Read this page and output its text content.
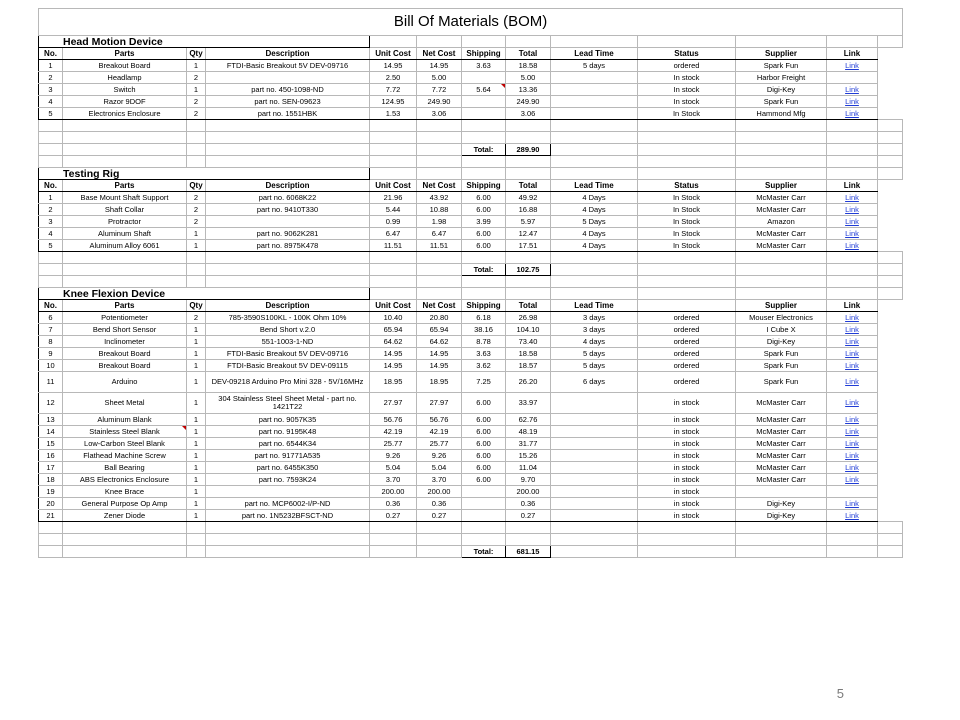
Bill Of Materials (BOM)												
Head Motion Device												
No.	Parts	Qty	Description	Unit Cost	Net Cost	Shipping	Total	Lead Time	Status	Supplier	Link	
1	Breakout Board	1	FTDI-Basic Breakout 5V DEV-09716	14.95	14.95	3.63	18.58	5 days	ordered	Spark Fun	Link	
2	Headlamp	2		2.50	5.00		5.00		In stock	Harbor Freight		
3	Switch	1	part no. 450-1098-ND	7.72	7.72	5.64	13.36		In stock	Digi-Key	Link	
4	Razor 9DOF	2	part no. SEN-09623	124.95	249.90		249.90		In stock	Spark Fun	Link	
5	Electronics Enclosure	2	part no. 1551HBK	1.53	3.06		3.06		In Stock	Hammond Mfg	Link	

						Total:	289.90					

Testing Rig												
No.	Parts	Qty	Description	Unit Cost	Net Cost	Shipping	Total	Lead Time	Status	Supplier	Link	
1	Base Mount Shaft Support	2	part no. 6068K22	21.96	43.92	6.00	49.92	4 Days	In Stock	McMaster Carr	Link	
2	Shaft Collar	2	part no. 9410T330	5.44	10.88	6.00	16.88	4 Days	In Stock	McMaster Carr	Link	
3	Protractor	2		0.99	1.98	3.99	5.97	5 Days	In Stock	Amazon	Link	
4	Aluminum Shaft	1	part no. 9062K281	6.47	6.47	6.00	12.47	4 Days	In Stock	McMaster Carr	Link	
5	Aluminum Alloy 6061	1	part no. 8975K478	11.51	11.51	6.00	17.51	4 Days	In Stock	McMaster Carr	Link	

						Total:	102.75					

Knee Flexion Device												
No.	Parts	Qty	Description	Unit Cost	Net Cost	Shipping	Total	Lead Time		Supplier	Link	
6	Potentiometer	2	785-3590S100KL - 100K Ohm 10%	10.40	20.80	6.18	26.98	3 days	ordered	Mouser Electronics	Link	
7	Bend Short Sensor	1	Bend Short v.2.0	65.94	65.94	38.16	104.10	3 days	ordered	I Cube X	Link	
8	Inclinometer	1	551-1003-1-ND	64.62	64.62	8.78	73.40	4 days	ordered	Digi-Key	Link	
9	Breakout Board	1	FTDI-Basic Breakout 5V DEV-09716	14.95	14.95	3.63	18.58	5 days	ordered	Spark Fun	Link	
10	Breakout Board	1	FTDI-Basic Breakout 5V DEV-09115	14.95	14.95	3.62	18.57	5 days	ordered	Spark Fun	Link	
11	Arduino	1	DEV-09218 Arduino Pro Mini 328 - 5V/16MHz	18.95	18.95	7.25	26.20	6 days	ordered	Spark Fun	Link	
12	Sheet Metal	1	304 Stainless Steel Sheet Metal - part no. 1421T22	27.97	27.97	6.00	33.97		in stock	McMaster Carr	Link	
13	Aluminum Blank	1	part no. 9057K35	56.76	56.76	6.00	62.76		in stock	McMaster Carr	Link	
14	Stainless Steel Blank	1	part no. 9195K48	42.19	42.19	6.00	48.19		in stock	McMaster Carr	Link	
15	Low-Carbon Steel Blank	1	part no. 6544K34	25.77	25.77	6.00	31.77		in stock	McMaster Carr	Link	
16	Flathead Machine Screw	1	part no. 91771A535	9.26	9.26	6.00	15.26		in stock	McMaster Carr	Link	
17	Ball Bearing	1	part no. 6455K350	5.04	5.04	6.00	11.04		in stock	McMaster Carr	Link	
18	ABS Electronics Enclosure	1	part no. 7593K24	3.70	3.70	6.00	9.70		in stock	McMaster Carr	Link	
19	Knee Brace	1		200.00	200.00		200.00		in stock			
20	General Purpose Op Amp	1	part no. MCP6002-I/P-ND	0.36	0.36		0.36		in stock	Digi-Key	Link	
21	Zener Diode	1	part no. 1N5232BFSCT-ND	0.27	0.27		0.27		in stock	Digi-Key	Link	

						Total:	681.15					
5
